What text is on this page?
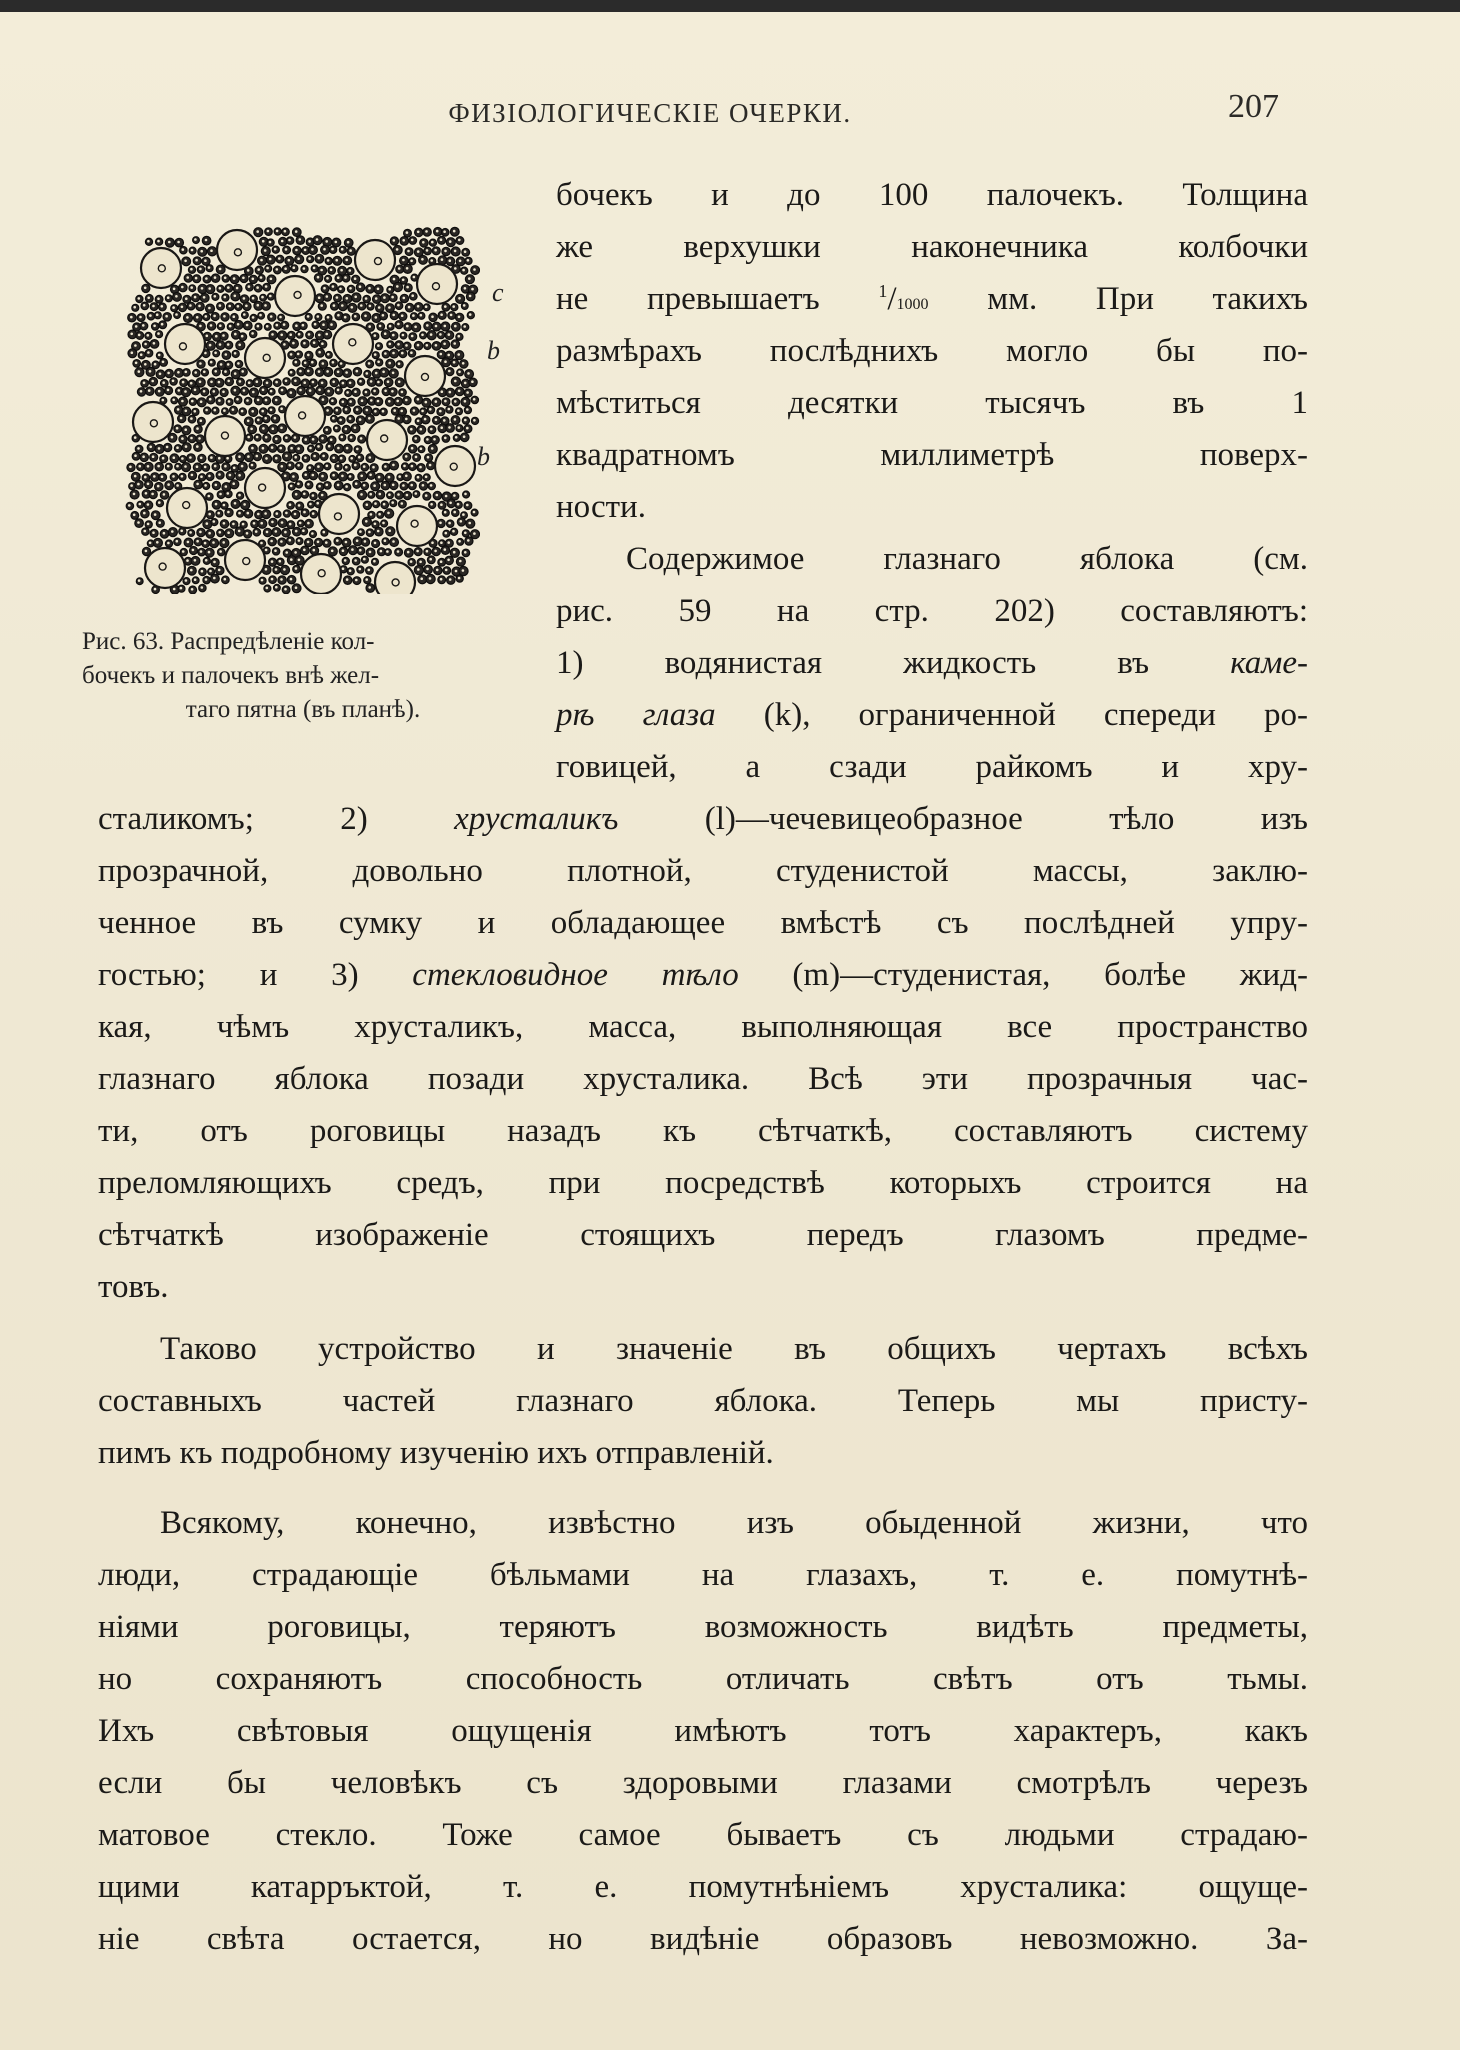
ФИЗІОЛОГИЧЕСКІЕ ОЧЕРКИ.	207
c
b
b
Рис. 63. Распредѣленіе кол-
бочекъ и палочекъ внѣ жел-
таго пятна (въ планѣ).
бочекъ и до 100 палочекъ. Толщина
же верхушки наконечника колбочки
не превышаетъ $^1$/1000 мм. При такихъ
размѣрахъ послѣднихъ могло бы по-
мѣститься десятки тысячъ въ 1
квадратномъ миллиметрѣ поверх-
ности.
Содержимое глазнаго яблока (см.
рис. 59 на стр. 202) составляютъ:
1) водянистая жидкость въ каме-
рѣ глаза (k), ограниченной спереди ро-
говицей, а сзади райкомъ и хру-
сталикомъ; 2) хрусталикъ (l)—чечевицеобразное тѣло изъ
прозрачной, довольно плотной, студенистой массы, заклю-
ченное въ сумку и обладающее вмѣстѣ съ послѣдней упру-
гостью; и 3) стекловидное тѣло (m)—студенистая, болѣе жид-
кая, чѣмъ хрусталикъ, масса, выполняющая все пространство
глазнаго яблока позади хрусталика. Всѣ эти прозрачныя час-
ти, отъ роговицы назадъ къ сѣтчаткѣ, составляютъ систему
преломляющихъ средъ, при посредствѣ которыхъ строится на
сѣтчаткѣ изображеніе стоящихъ передъ глазомъ предме-
товъ.
Таково устройство и значеніе въ общихъ чертахъ всѣхъ
составныхъ частей глазнаго яблока. Теперь мы присту-
пимъ къ подробному изученію ихъ отправленій.
Всякому, конечно, извѣстно изъ обыденной жизни, что
люди, страдающіе бѣльмами на глазахъ, т. е. помутнѣ-
ніями роговицы, теряютъ возможность видѣть предметы,
но сохраняютъ способность отличать свѣтъ отъ тьмы.
Ихъ свѣтовыя ощущенія имѣютъ тотъ характеръ, какъ
если бы человѣкъ съ здоровыми глазами смотрѣлъ черезъ
матовое стекло. Тоже самое бываетъ съ людьми страдаю-
щими катарръктой, т. е. помутнѣніемъ хрусталика: ощуще-
ніе свѣта остается, но видѣніе образовъ невозможно. За-
